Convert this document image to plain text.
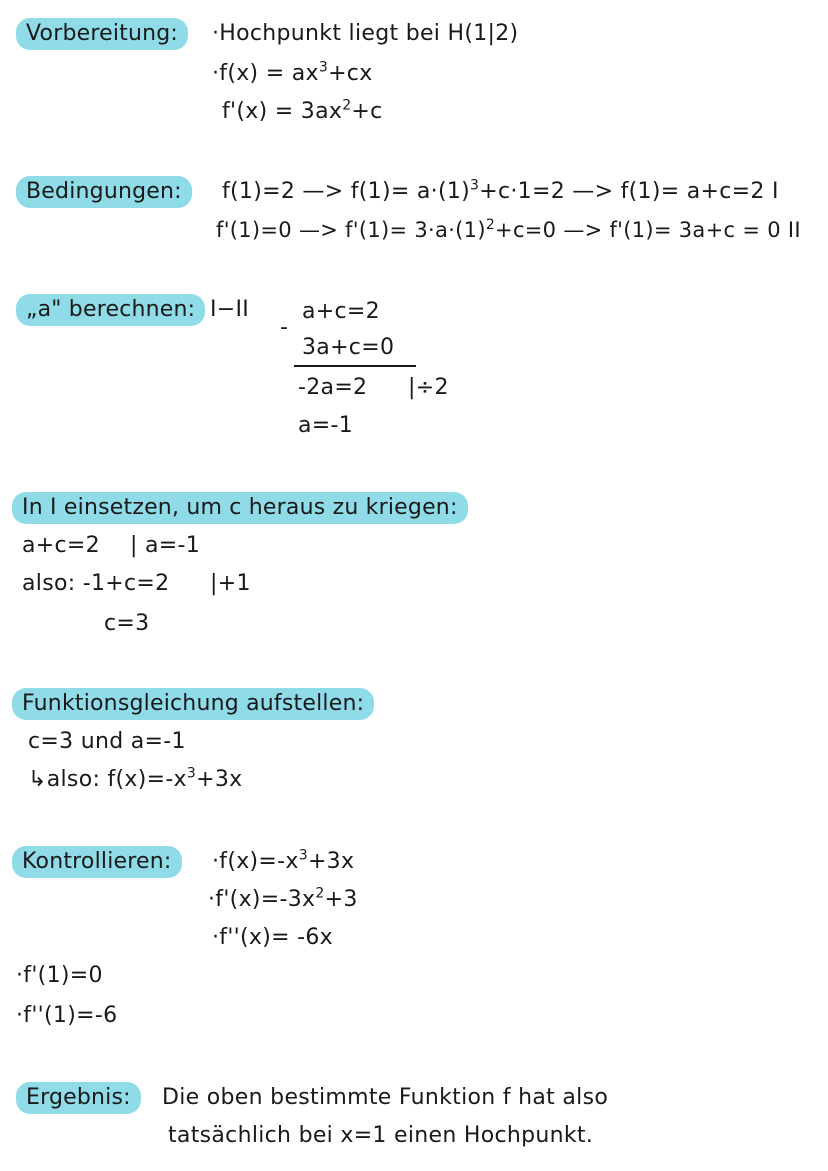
Vorbereitung:	·Hochpunkt liegt bei H(1|2)
$\cdot f(x) = ax^3+cx$
$f'(x) = 3ax^2+c$
Bedingungen:	f(1)=2 —> $f(1)= a\cdot(1)^3+c\cdot 1=2$ —> f(1)= a+c=2 I
f'(1)=0 —> $f'(1)= 3\cdot a\cdot(1)^2+c=0$ —> f'(1)= 3a+c = 0 II
„a" berechnen: I−II
-
a+c=2
3a+c=0
-2a=2 |÷2
a=-1
In I einsetzen, um c heraus zu kriegen:
a+c=2 | a=-1
also: -1+c=2 |+1
c=3
Funktionsgleichung aufstellen:
c=3 und a=-1
↳also: $f(x)=-x^3+3x$
Kontrollieren:	$\cdot f(x)=-x^3+3x$
$\cdot f'(x)=-3x^2+3$
·f''(x)= -6x
·f'(1)=0
·f''(1)=-6
Ergebnis:	Die oben bestimmte Funktion f hat also
tatsächlich bei x=1 einen Hochpunkt.
